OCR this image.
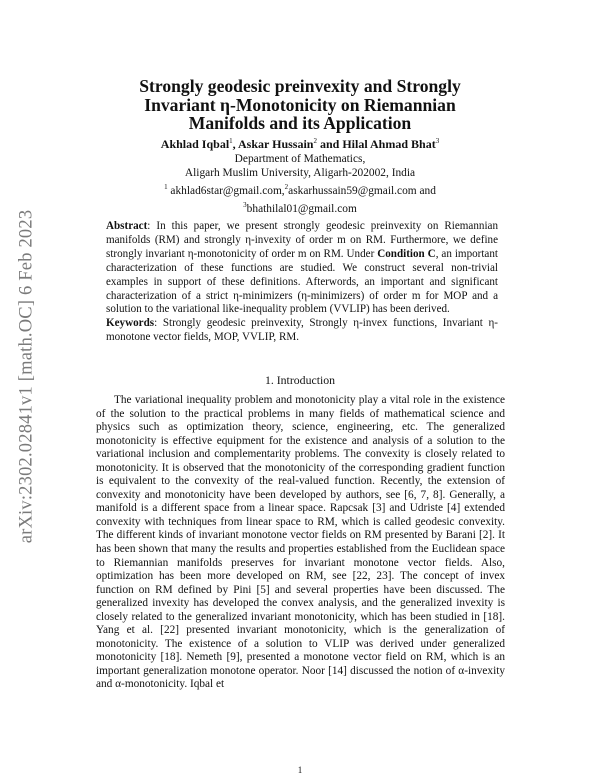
arXiv:2302.02841v1 [math.OC] 6 Feb 2023
Strongly geodesic preinvexity and Strongly
Invariant η-Monotonicity on Riemannian
Manifolds and its Application
Akhlad Iqbal$^1$, Askar Hussain$^2$ and Hilal Ahmad Bhat$^3$
Department of Mathematics,
Aligarh Muslim University, Aligarh-202002, India
$^1$ akhlad6star@gmail.com,$^2$askarhussain59@gmail.com and
$^3$bhathilal01@gmail.com

Abstract: In this paper, we present strongly geodesic preinvexity on Riemannian manifolds (RM) and strongly η-invexity of order m on RM. Furthermore, we define strongly invariant η-monotonicity of order m on RM. Under Condition C, an important characterization of these functions are studied. We construct several non-trivial examples in support of these definitions. Afterwords, an important and significant characterization of a strict η-minimizers (η-minimizers) of order m for MOP and a solution to the variational like-inequality problem (VVLIP) has been derived.

Keywords: Strongly geodesic preinvexity, Strongly η-invex functions, Invariant η-monotone vector fields, MOP, VVLIP, RM.

1. Introduction
The variational inequality problem and monotonicity play a vital role in the existence of the solution to the practical problems in many fields of mathematical science and physics such as optimization theory, science, engineering, etc. The generalized monotonicity is effective equipment for the existence and analysis of a solution to the variational inclusion and complementarity problems. The convexity is closely related to monotonicity. It is observed that the monotonicity of the corresponding gradient function is equivalent to the convexity of the real-valued function. Recently, the extension of convexity and monotonicity have been developed by authors, see [6, 7, 8]. Generally, a manifold is a different space from a linear space. Rapcsak [3] and Udriste [4] extended convexity with techniques from linear space to RM, which is called geodesic convexity. The different kinds of invariant monotone vector fields on RM presented by Barani [2]. It has been shown that many the results and properties established from the Euclidean space to Riemannian manifolds preserves for invariant monotone vector fields. Also, optimization has been more developed on RM, see [22, 23]. The concept of invex function on RM defined by Pini [5] and several properties have been discussed. The generalized invexity has developed the convex analysis, and the generalized invexity is closely related to the generalized invariant monotonicity, which has been studied in [18]. Yang et al. [22] presented invariant monotonicity, which is the generalization of monotonicity. The existence of a solution to VLIP was derived under generalized monotonicity [18]. Nemeth [9], presented a monotone vector field on RM, which is an important generalization monotone operator. Noor [14] discussed the notion of α-invexity and α-monotonicity. Iqbal et
1
